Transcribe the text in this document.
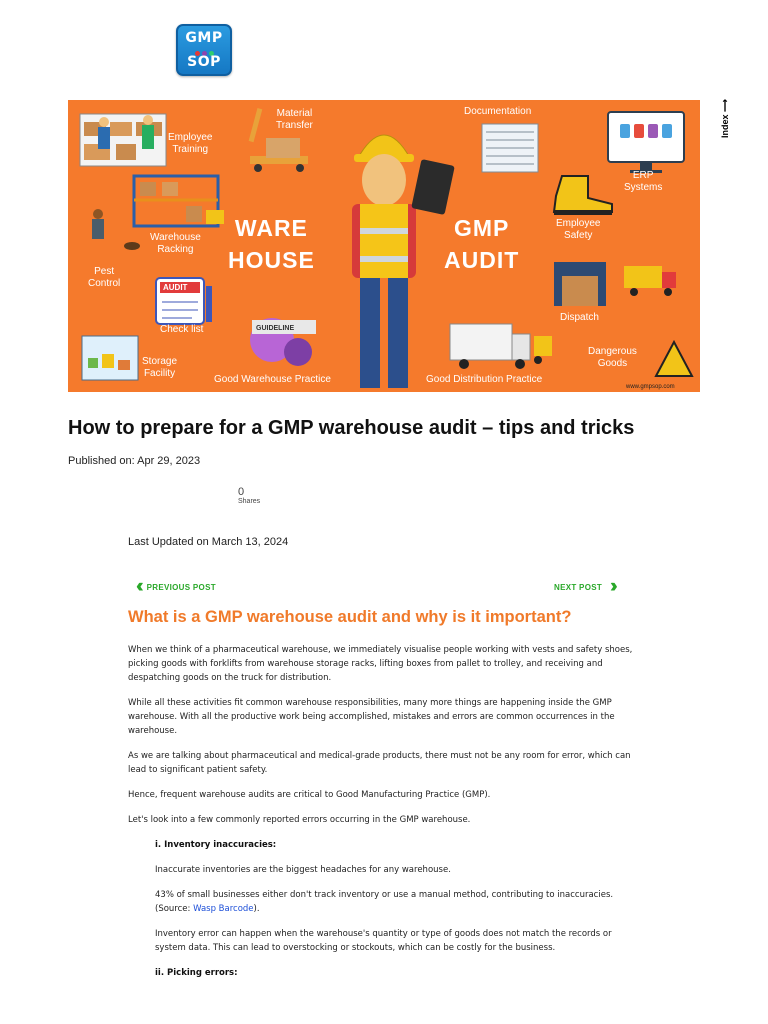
GMP
SOP
Employee
Training
Material
Transfer
Documentation
ERP
Systems
Warehouse
Racking
Pest
Control
Employee
Safety
AUDIT
Check list
Dispatch
GUIDELINE
Dangerous
Goods
Storage
Facility
Good Warehouse Practice	Good Distribution Practice
WARE
HOUSE
GMP
AUDIT
www.gmpsop.com
Index ⟶
How to prepare for a GMP warehouse audit – tips and tricks
Published on: Apr 29, 2023
0
Shares
Last Updated on March 13, 2024
‹‹ PREVIOUS POST	NEXT POST ››
What is a GMP warehouse audit and why is it important?

When we think of a pharmaceutical warehouse, we immediately visualise people working with vests and safety shoes, picking goods with forklifts from warehouse storage racks, lifting boxes from pallet to trolley, and receiving and despatching goods on the truck for distribution.

While all these activities fit common warehouse responsibilities, many more things are happening inside the GMP warehouse. With all the productive work being accomplished, mistakes and errors are common occurrences in the warehouse.

As we are talking about pharmaceutical and medical-grade products, there must not be any room for error, which can lead to significant patient safety.

Hence, frequent warehouse audits are critical to Good Manufacturing Practice (GMP).

Let's look into a few commonly reported errors occurring in the GMP warehouse.

i. Inventory inaccuracies:

Inaccurate inventories are the biggest headaches for any warehouse.

43% of small businesses either don't track inventory or use a manual method, contributing to inaccuracies. (Source: Wasp Barcode).

Inventory error can happen when the warehouse's quantity or type of goods does not match the records or system data. This can lead to overstocking or stockouts, which can be costly for the business.

ii. Picking errors:
